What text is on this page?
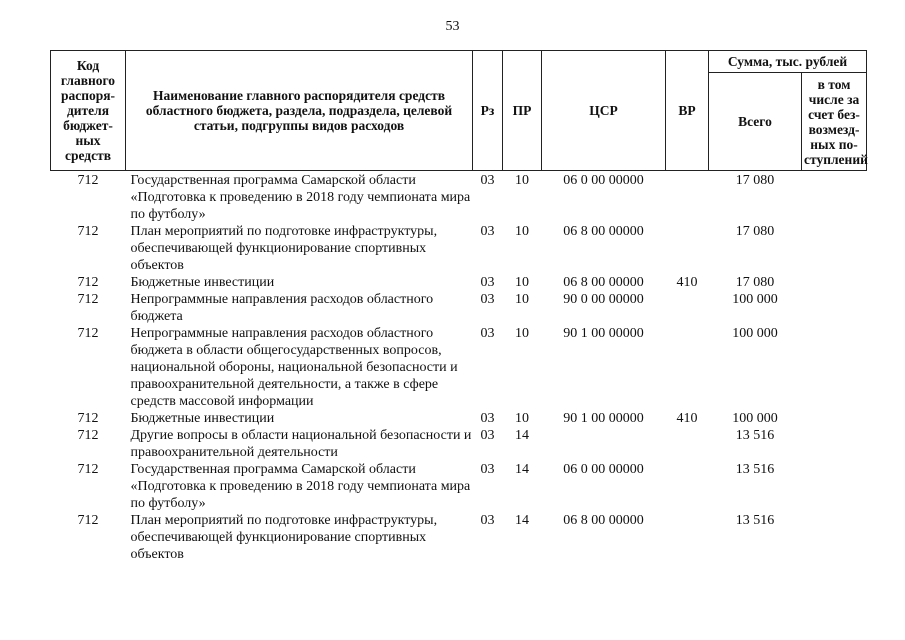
53
Код главного распоря-дителя бюджет-ных средств	Наименование главного распорядителя средств областного бюджета, раздела, подраздела, целевой статьи, подгруппы видов расходов	Рз	ПР	ЦСР	ВР	Сумма, тыс. рублей	
						Всего	в том числе за счет без-возмезд-ных по-ступлений
712	Государственная программа Самарской области «Подготовка к проведению в 2018 году чемпионата мира по футболу»	03	10	06 0 00 00000		17 080	
712	План мероприятий по подготовке инфраструктуры, обеспечивающей функционирование спортивных объектов	03	10	06 8 00 00000		17 080	
712	Бюджетные инвестиции	03	10	06 8 00 00000	410	17 080	
712	Непрограммные направления расходов областного бюджета	03	10	90 0 00 00000		100 000	
712	Непрограммные направления расходов областного бюджета в области общегосударственных вопросов, национальной обороны, национальной безопасности и правоохранительной деятельности, а также в сфере средств массовой информации	03	10	90 1 00 00000		100 000	
712	Бюджетные инвестиции	03	10	90 1 00 00000	410	100 000	
712	Другие вопросы в области национальной безопасности и правоохранительной деятельности	03	14			13 516	
712	Государственная программа Самарской области «Подготовка к проведению в 2018 году чемпионата мира по футболу»	03	14	06 0 00 00000		13 516	
712	План мероприятий по подготовке инфраструктуры, обеспечивающей функционирование спортивных объектов	03	14	06 8 00 00000		13 516	
